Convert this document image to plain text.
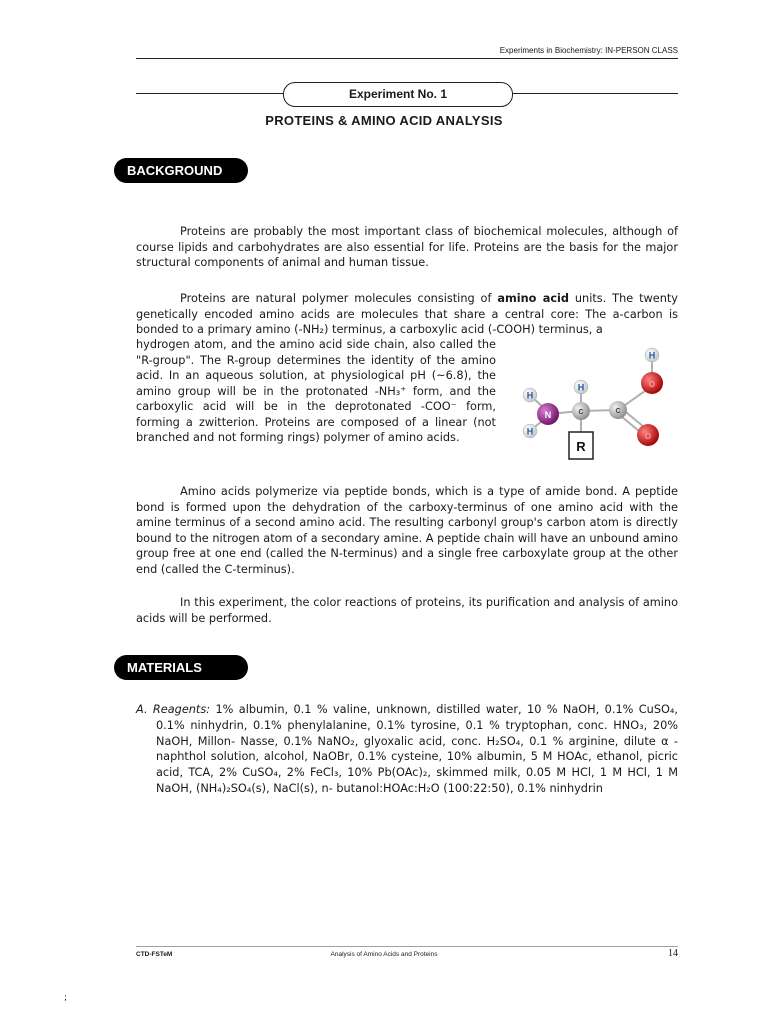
Experiments in Biochemistry: IN-PERSON CLASS
Experiment No. 1
PROTEINS & AMINO ACID ANALYSIS
BACKGROUND
Proteins are probably the most important class of biochemical molecules, although of course lipids and carbohydrates are also essential for life. Proteins are the basis for the major structural components of animal and human tissue.
Proteins are natural polymer molecules consisting of amino acid units. The twenty genetically encoded amino acids are molecules that share a central core: The a-carbon is bonded to a primary amino (-NH₂) terminus, a carboxylic acid (-COOH) terminus, a
hydrogen atom, and the amino acid side chain, also called the "R-group". The R-group determines the identity of the amino acid. In an aqueous solution, at physiological pH (~6.8), the amino group will be in the protonated -NH₃⁺ form, and the carboxylic acid will be in the deprotonated -COO⁻ form, forming a zwitterion. Proteins are composed of a linear (not branched and not forming rings) polymer of amino acids.
H
H
H
H
N	C	C
O
O
R
Amino acids polymerize via peptide bonds, which is a type of amide bond. A peptide bond is formed upon the dehydration of the carboxy-terminus of one amino acid with the amine terminus of a second amino acid. The resulting carbonyl group's carbon atom is directly bound to the nitrogen atom of a secondary amine. A peptide chain will have an unbound amino group free at one end (called the N-terminus) and a single free carboxylate group at the other end (called the C-terminus).
In this experiment, the color reactions of proteins, its purification and analysis of amino acids will be performed.
MATERIALS
A. Reagents: 1% albumin, 0.1 % valine, unknown, distilled water, 10 % NaOH, 0.1% CuSO₄, 0.1% ninhydrin, 0.1% phenylalanine, 0.1% tyrosine, 0.1 % tryptophan, conc. HNO₃, 20% NaOH, Millon- Nasse, 0.1% NaNO₂, glyoxalic acid, conc. H₂SO₄, 0.1 % arginine, dilute α - naphthol solution, alcohol, NaOBr, 0.1% cysteine, 10% albumin, 5 M HOAc, ethanol, picric acid, TCA, 2% CuSO₄, 2% FeCl₃, 10% Pb(OAc)₂, skimmed milk, 0.05 M HCl, 1 M HCl, 1 M NaOH, (NH₄)₂SO₄(s), NaCl(s), n- butanol:HOAc:H₂O (100:22:50), 0.1% ninhydrin
CTD-FSTeM	Analysis of Amino Acids and Proteins	14
;
